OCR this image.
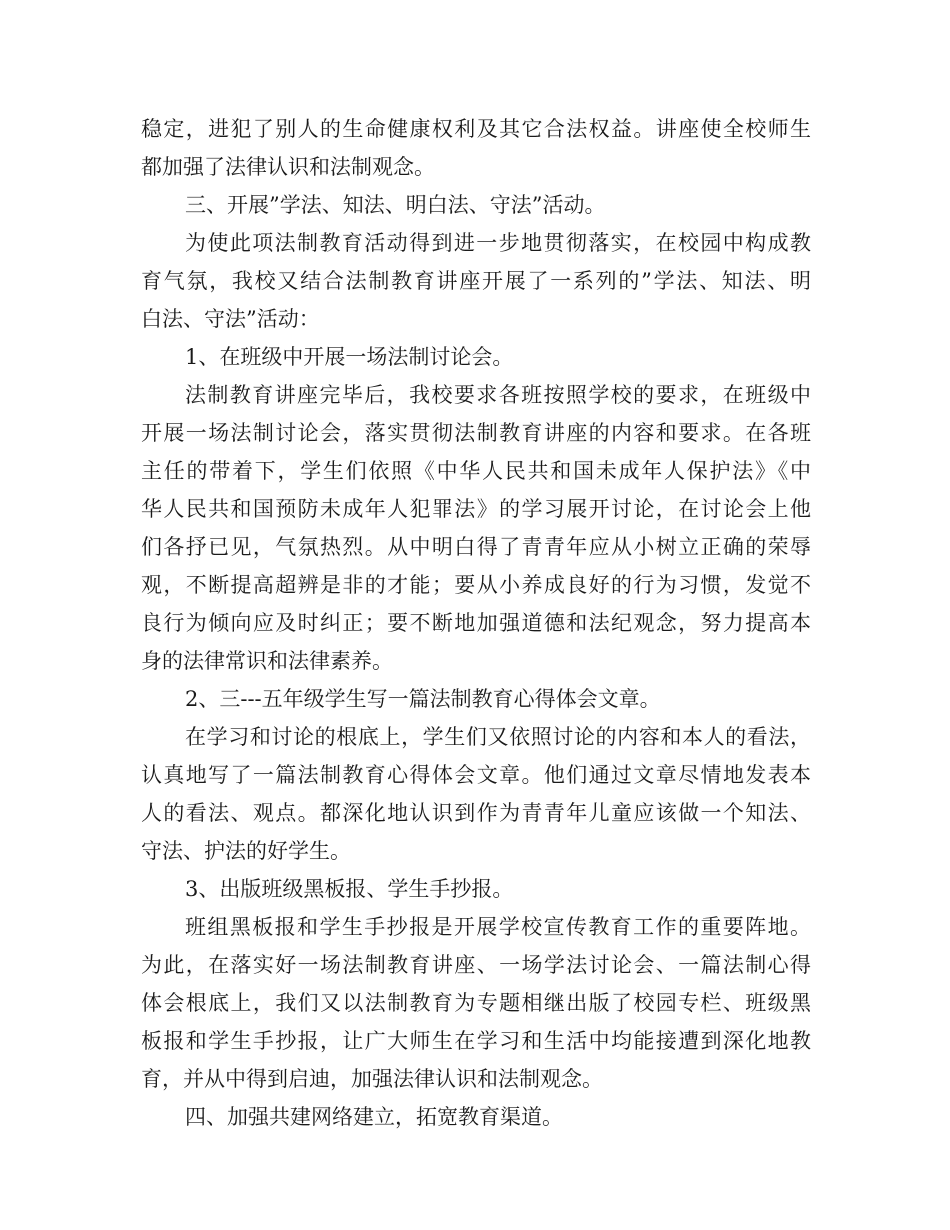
稳定，进犯了别人的生命健康权利及其它合法权益。讲座使全校师生
都加强了法律认识和法制观念。
三、开展”学法、知法、明白法、守法”活动。
为使此项法制教育活动得到进一步地贯彻落实，在校园中构成教
育气氛，我校又结合法制教育讲座开展了一系列的”学法、知法、明
白法、守法”活动：
1、在班级中开展一场法制讨论会。
法制教育讲座完毕后，我校要求各班按照学校的要求，在班级中
开展一场法制讨论会，落实贯彻法制教育讲座的内容和要求。在各班
主任的带着下，学生们依照《中华人民共和国未成年人保护法》《中
华人民共和国预防未成年人犯罪法》的学习展开讨论，在讨论会上他
们各抒已见，气氛热烈。从中明白得了青青年应从小树立正确的荣辱
观，不断提高超辨是非的才能；要从小养成良好的行为习惯，发觉不
良行为倾向应及时纠正；要不断地加强道德和法纪观念，努力提高本
身的法律常识和法律素养。
2、三---五年级学生写一篇法制教育心得体会文章。
在学习和讨论的根底上，学生们又依照讨论的内容和本人的看法，
认真地写了一篇法制教育心得体会文章。他们通过文章尽情地发表本
人的看法、观点。都深化地认识到作为青青年儿童应该做一个知法、
守法、护法的好学生。
3、出版班级黑板报、学生手抄报。
班组黑板报和学生手抄报是开展学校宣传教育工作的重要阵地。
为此，在落实好一场法制教育讲座、一场学法讨论会、一篇法制心得
体会根底上，我们又以法制教育为专题相继出版了校园专栏、班级黑
板报和学生手抄报，让广大师生在学习和生活中均能接遭到深化地教
育，并从中得到启迪，加强法律认识和法制观念。
四、加强共建网络建立，拓宽教育渠道。
